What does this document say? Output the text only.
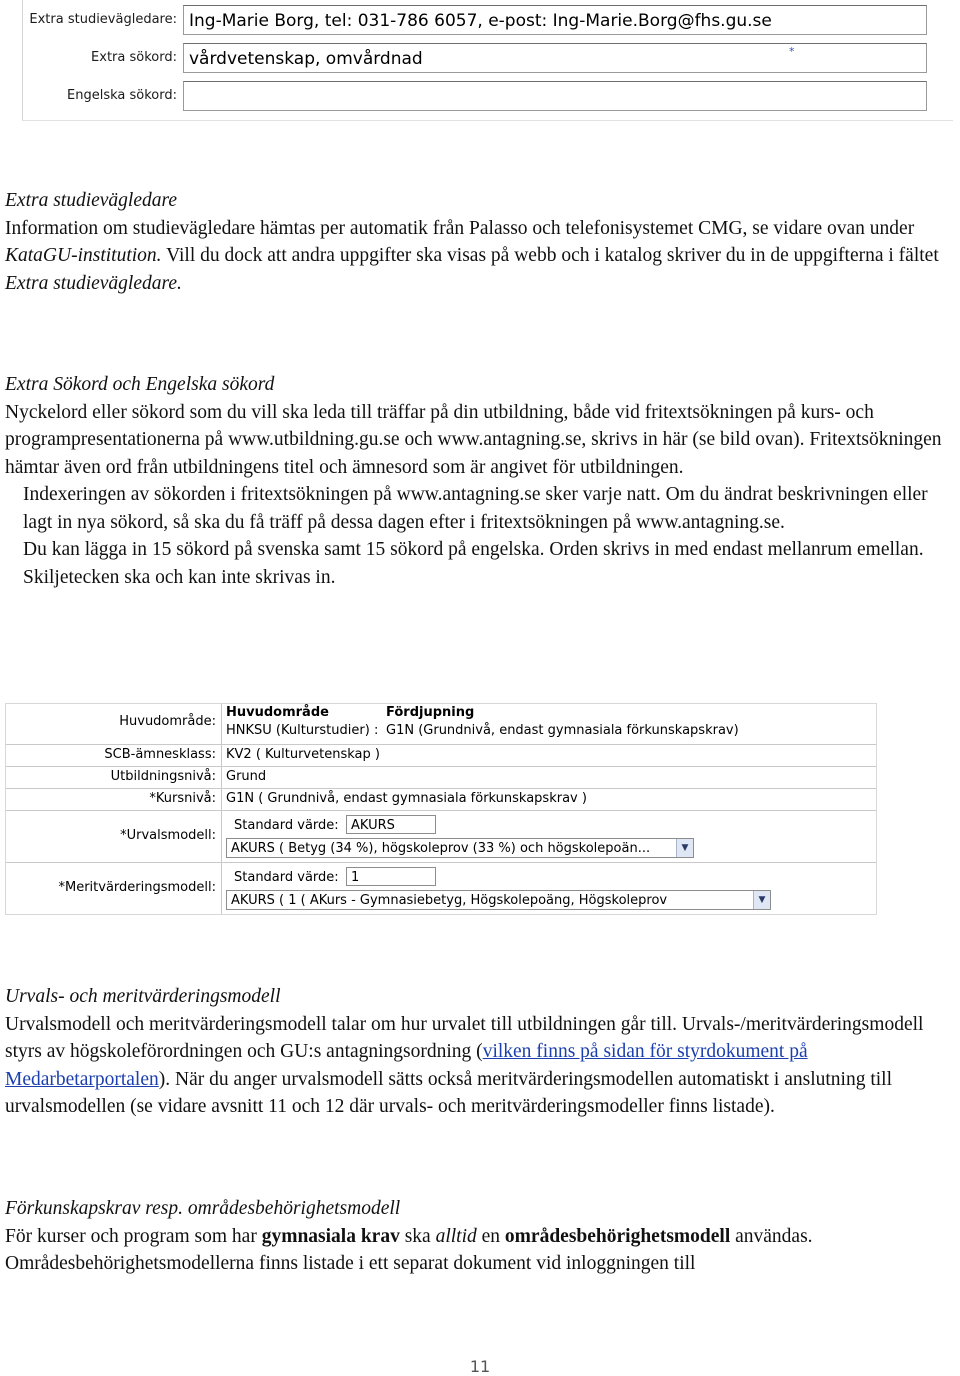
Extra studievägledare: Ing-Marie Borg, tel: 031-786 6057, e-post: Ing-Marie.Borg@fhs.gu.se
Extra sökord: vårdvetenskap, omvårdnad	*
Engelska sökord:

Extra studievägledare

Information om studievägledare hämtas per automatik från Palasso och telefonisystemet CMG, se vidare ovan under KataGU-institution. Vill du dock att andra uppgifter ska visas på webb och i katalog skriver du in de uppgifterna i fältet Extra studievägledare.

Extra Sökord och Engelska sökord

Nyckelord eller sökord som du vill ska leda till träffar på din utbildning, både vid fritextsökningen på kurs- och programpresentationerna på www.utbildning.gu.se och www.antagning.se, skrivs in här (se bild ovan). Fritextsökningen hämtar även ord från utbildningens titel och ämnesord som är angivet för utbildningen.

Indexeringen av sökorden i fritextsökningen på www.antagning.se sker varje natt. Om du ändrat beskrivningen eller lagt in nya sökord, så ska du få träff på dessa dagen efter i fritextsökningen på www.antagning.se.

Du kan lägga in 15 sökord på svenska samt 15 sökord på engelska. Orden skrivs in med endast mellanrum emellan. Skiljetecken ska och kan inte skrivas in.

Huvudområde:
Huvudområde	Fördjupning
HNKSU (Kulturstudier) : G1N (Grundnivå, endast gymnasiala förkunskapskrav)
SCB-ämnesklass: KV2 ( Kulturvetenskap )
Utbildningsnivå: Grund
*Kursnivå: G1N ( Grundnivå, endast gymnasiala förkunskapskrav )
*Urvalsmodell:
Standard värde: AKURS
AKURS ( Betyg (34 %), högskoleprov (33 %) och högskolepoän...	▼
*Meritvärderingsmodell:
Standard värde: 1
AKURS ( 1 ( AKurs - Gymnasiebetyg, Högskolepoäng, Högskoleprov	▼

Urvals- och meritvärderingsmodell

Urvalsmodell och meritvärderingsmodell talar om hur urvalet till utbildningen går till. Urvals-/meritvärderingsmodell styrs av högskoleförordningen och GU:s antagningsordning (vilken finns på sidan för styrdokument på Medarbetarportalen). När du anger urvalsmodell sätts också meritvärderingsmodellen automatiskt i anslutning till urvalsmodellen (se vidare avsnitt 11 och 12 där urvals- och meritvärderingsmodeller finns listade).

Förkunskapskrav resp. områdesbehörighetsmodell

För kurser och program som har gymnasiala krav ska alltid en områdesbehörighetsmodell användas. Områdesbehörighetsmodellerna finns listade i ett separat dokument vid inloggningen till

11
